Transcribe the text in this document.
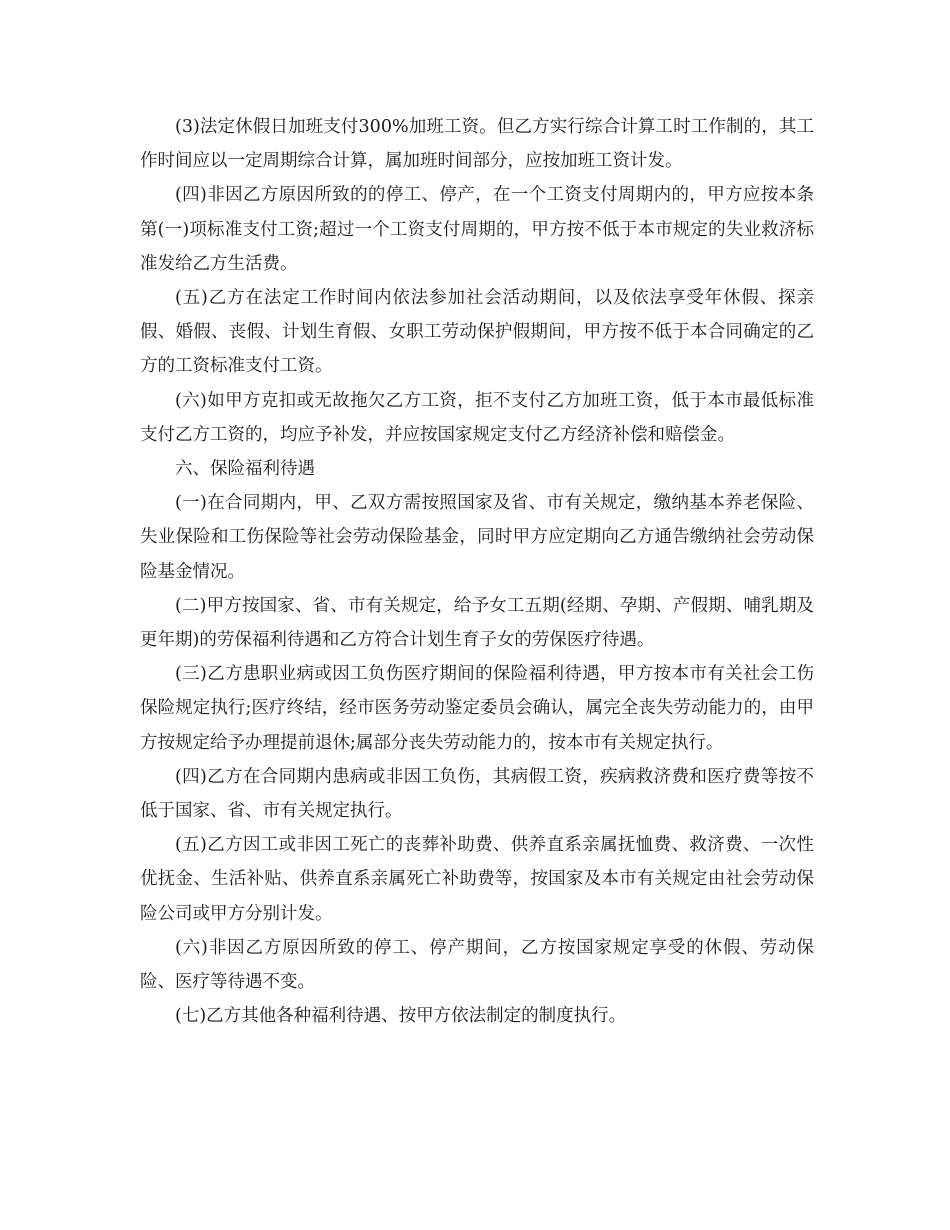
(3)法定休假日加班支付300%加班工资。但乙方实行综合计算工时工作制的，其工作时间应以一定周期综合计算，属加班时间部分，应按加班工资计发。

(四)非因乙方原因所致的的停工、停产，在一个工资支付周期内的，甲方应按本条第(一)项标准支付工资;超过一个工资支付周期的，甲方按不低于本市规定的失业救济标准发给乙方生活费。

(五)乙方在法定工作时间内依法参加社会活动期间，以及依法享受年休假、探亲假、婚假、丧假、计划生育假、女职工劳动保护假期间，甲方按不低于本合同确定的乙方的工资标准支付工资。

(六)如甲方克扣或无故拖欠乙方工资，拒不支付乙方加班工资，低于本市最低标准支付乙方工资的，均应予补发，并应按国家规定支付乙方经济补偿和赔偿金。

六、保险福利待遇

(一)在合同期内，甲、乙双方需按照国家及省、市有关规定，缴纳基本养老保险、失业保险和工伤保险等社会劳动保险基金，同时甲方应定期向乙方通告缴纳社会劳动保险基金情况。

(二)甲方按国家、省、市有关规定，给予女工五期(经期、孕期、产假期、哺乳期及更年期)的劳保福利待遇和乙方符合计划生育子女的劳保医疗待遇。

(三)乙方患职业病或因工负伤医疗期间的保险福利待遇，甲方按本市有关社会工伤保险规定执行;医疗终结，经市医务劳动鉴定委员会确认，属完全丧失劳动能力的，由甲方按规定给予办理提前退休;属部分丧失劳动能力的，按本市有关规定执行。

(四)乙方在合同期内患病或非因工负伤，其病假工资，疾病救济费和医疗费等按不低于国家、省、市有关规定执行。

(五)乙方因工或非因工死亡的丧葬补助费、供养直系亲属抚恤费、救济费、一次性优抚金、生活补贴、供养直系亲属死亡补助费等，按国家及本市有关规定由社会劳动保险公司或甲方分别计发。

(六)非因乙方原因所致的停工、停产期间，乙方按国家规定享受的休假、劳动保险、医疗等待遇不变。

(七)乙方其他各种福利待遇、按甲方依法制定的制度执行。
